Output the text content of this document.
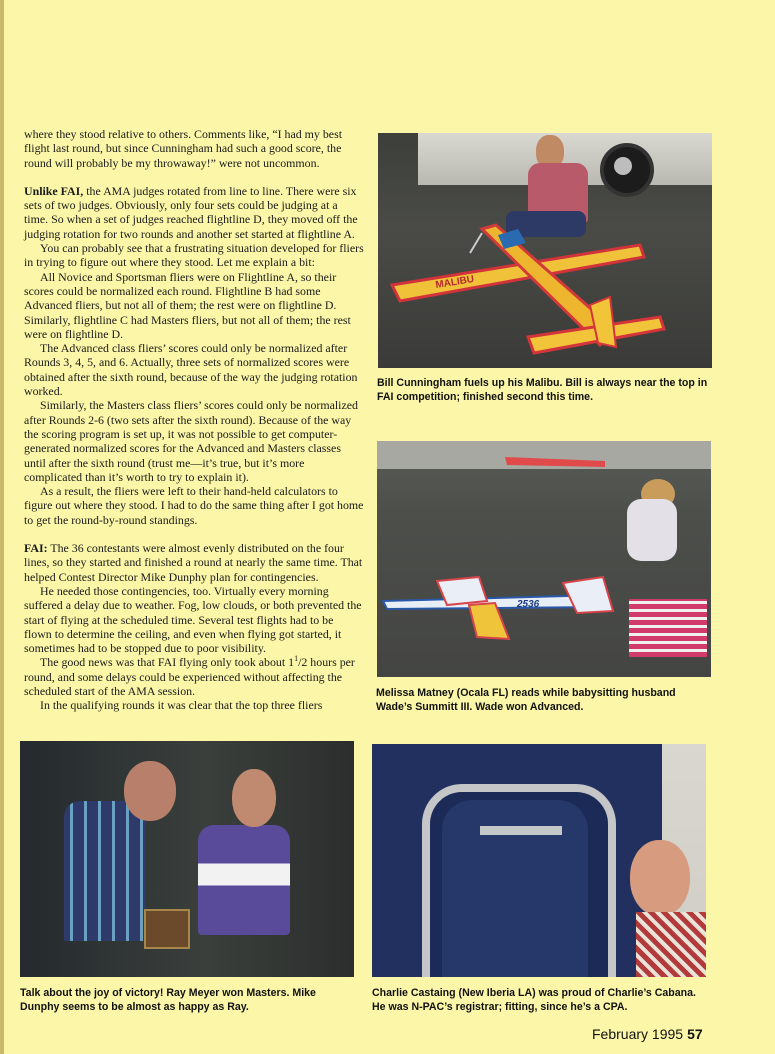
where they stood relative to others. Comments like, “I had my best flight last round, but since Cunningham had such a good score, the round will probably be my throwaway!” were not uncommon.

Unlike FAI, the AMA judges rotated from line to line. There were six sets of two judges. Obviously, only four sets could be judging at a time. So when a set of judges reached flightline D, they moved off the judging rotation for two rounds and another set started at flightline A.

You can probably see that a frustrating situation developed for fliers in trying to figure out where they stood. Let me explain a bit:

All Novice and Sportsman fliers were on Flightline A, so their scores could be normalized each round. Flightline B had some Advanced fliers, but not all of them; the rest were on flightline D. Similarly, flightline C had Masters fliers, but not all of them; the rest were on flightline D.

The Advanced class fliers’ scores could only be normalized after Rounds 3, 4, 5, and 6. Actually, three sets of normalized scores were obtained after the sixth round, because of the way the judging rotation worked.

Similarly, the Masters class fliers’ scores could only be normalized after Rounds 2-6 (two sets after the sixth round). Because of the way the scoring program is set up, it was not possible to get computer-generated normalized scores for the Advanced and Masters classes until after the sixth round (trust me—it’s true, but it’s more complicated than it’s worth to try to explain it).

As a result, the fliers were left to their hand-held calculators to figure out where they stood. I had to do the same thing after I got home to get the round-by-round standings.

FAI: The 36 contestants were almost evenly distributed on the four lines, so they started and finished a round at nearly the same time. That helped Contest Director Mike Dunphy plan for contingencies.

He needed those contingencies, too. Virtually every morning suffered a delay due to weather. Fog, low clouds, or both prevented the start of flying at the scheduled time. Several test flights had to be flown to determine the ceiling, and even when flying got started, it sometimes had to be stopped due to poor visibility.

The good news was that FAI flying only took about $1^1/2$ hours per round, and some delays could be experienced without affecting the scheduled start of the AMA session.

In the qualifying rounds it was clear that the top three fliers

MALIBU
Bill Cunningham fuels up his Malibu. Bill is always near the top in FAI competition; finished second this time.
2536
Melissa Matney (Ocala FL) reads while babysitting husband Wade’s Summitt III. Wade won Advanced.
Talk about the joy of victory! Ray Meyer won Masters. Mike Dunphy seems to be almost as happy as Ray.
Charlie Castaing (New Iberia LA) was proud of Charlie’s Cabana. He was N-PAC’s registrar; fitting, since he’s a CPA.
February 1995 57
